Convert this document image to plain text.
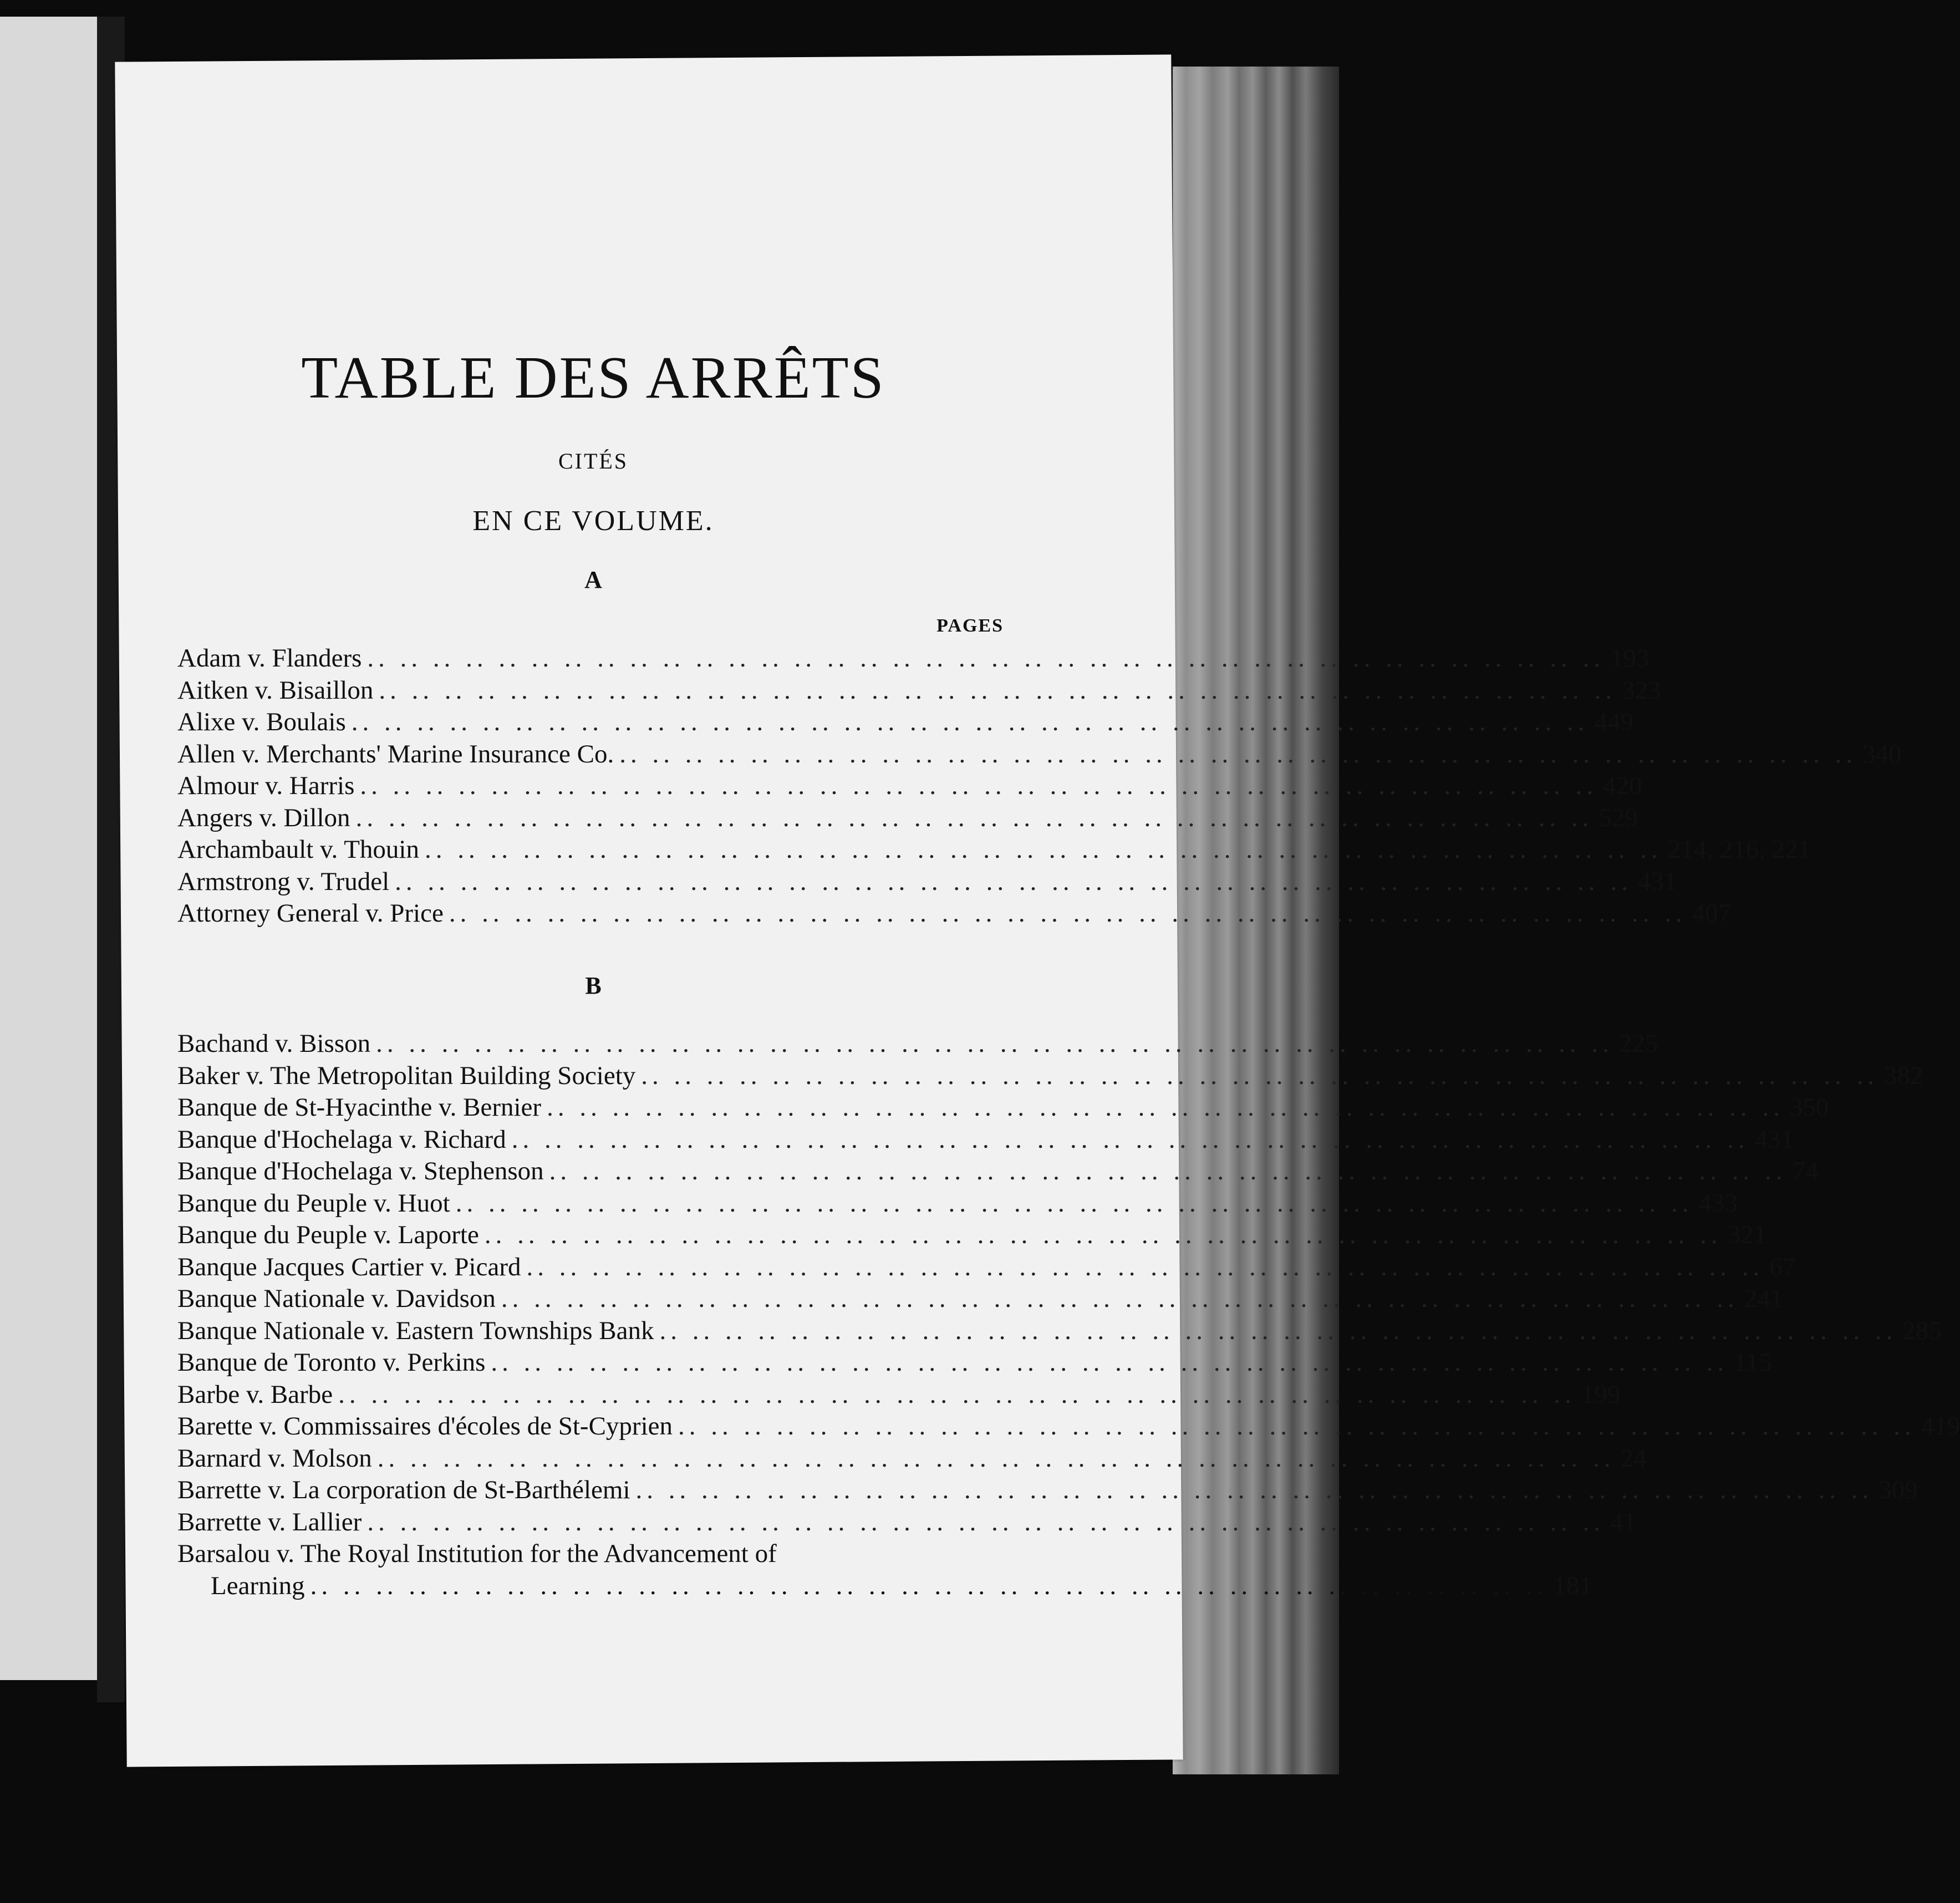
TABLE DES ARRÊTS
CITÉS
EN CE VOLUME.
A
PAGES
Adam v. Flanders .. .. .. .. .. .. .. .. .. .. .. .. .. .. .. .. .. .. .. .. .. .. .. .. .. .. .. .. .. .. .. .. .. .. .. .. .. .. 193
Aitken v. Bisaillon .. .. .. .. .. .. .. .. .. .. .. .. .. .. .. .. .. .. .. .. .. .. .. .. .. .. .. .. .. .. .. .. .. .. .. .. .. .. 323
Alixe v. Boulais .. .. .. .. .. .. .. .. .. .. .. .. .. .. .. .. .. .. .. .. .. .. .. .. .. .. .. .. .. .. .. .. .. .. .. .. .. .. 449
Allen v. Merchants' Marine Insurance Co. .. .. .. .. .. .. .. .. .. .. .. .. .. .. .. .. .. .. .. .. .. .. .. .. .. .. .. .. .. .. .. .. .. .. .. .. .. .. 340
Almour v. Harris .. .. .. .. .. .. .. .. .. .. .. .. .. .. .. .. .. .. .. .. .. .. .. .. .. .. .. .. .. .. .. .. .. .. .. .. .. .. 420
Angers v. Dillon .. .. .. .. .. .. .. .. .. .. .. .. .. .. .. .. .. .. .. .. .. .. .. .. .. .. .. .. .. .. .. .. .. .. .. .. .. .. 529
Archambault v. Thouin .. .. .. .. .. .. .. .. .. .. .. .. .. .. .. .. .. .. .. .. .. .. .. .. .. .. .. .. .. .. .. .. .. .. .. .. .. .. 214, 216, 221
Armstrong v. Trudel .. .. .. .. .. .. .. .. .. .. .. .. .. .. .. .. .. .. .. .. .. .. .. .. .. .. .. .. .. .. .. .. .. .. .. .. .. .. 431
Attorney General v. Price .. .. .. .. .. .. .. .. .. .. .. .. .. .. .. .. .. .. .. .. .. .. .. .. .. .. .. .. .. .. .. .. .. .. .. .. .. .. 407
B
Bachand v. Bisson .. .. .. .. .. .. .. .. .. .. .. .. .. .. .. .. .. .. .. .. .. .. .. .. .. .. .. .. .. .. .. .. .. .. .. .. .. .. 225
Baker v. The Metropolitan Building Society .. .. .. .. .. .. .. .. .. .. .. .. .. .. .. .. .. .. .. .. .. .. .. .. .. .. .. .. .. .. .. .. .. .. .. .. .. .. 382
Banque de St-Hyacinthe v. Bernier .. .. .. .. .. .. .. .. .. .. .. .. .. .. .. .. .. .. .. .. .. .. .. .. .. .. .. .. .. .. .. .. .. .. .. .. .. .. 350
Banque d'Hochelaga v. Richard .. .. .. .. .. .. .. .. .. .. .. .. .. .. .. .. .. .. .. .. .. .. .. .. .. .. .. .. .. .. .. .. .. .. .. .. .. .. 431
Banque d'Hochelaga v. Stephenson .. .. .. .. .. .. .. .. .. .. .. .. .. .. .. .. .. .. .. .. .. .. .. .. .. .. .. .. .. .. .. .. .. .. .. .. .. .. 74
Banque du Peuple v. Huot .. .. .. .. .. .. .. .. .. .. .. .. .. .. .. .. .. .. .. .. .. .. .. .. .. .. .. .. .. .. .. .. .. .. .. .. .. .. 433
Banque du Peuple v. Laporte .. .. .. .. .. .. .. .. .. .. .. .. .. .. .. .. .. .. .. .. .. .. .. .. .. .. .. .. .. .. .. .. .. .. .. .. .. .. 321
Banque Jacques Cartier v. Picard .. .. .. .. .. .. .. .. .. .. .. .. .. .. .. .. .. .. .. .. .. .. .. .. .. .. .. .. .. .. .. .. .. .. .. .. .. .. 67
Banque Nationale v. Davidson .. .. .. .. .. .. .. .. .. .. .. .. .. .. .. .. .. .. .. .. .. .. .. .. .. .. .. .. .. .. .. .. .. .. .. .. .. .. 241
Banque Nationale v. Eastern Townships Bank .. .. .. .. .. .. .. .. .. .. .. .. .. .. .. .. .. .. .. .. .. .. .. .. .. .. .. .. .. .. .. .. .. .. .. .. .. .. 285
Banque de Toronto v. Perkins .. .. .. .. .. .. .. .. .. .. .. .. .. .. .. .. .. .. .. .. .. .. .. .. .. .. .. .. .. .. .. .. .. .. .. .. .. .. 115
Barbe v. Barbe .. .. .. .. .. .. .. .. .. .. .. .. .. .. .. .. .. .. .. .. .. .. .. .. .. .. .. .. .. .. .. .. .. .. .. .. .. .. 199
Barette v. Commissaires d'écoles de St-Cyprien .. .. .. .. .. .. .. .. .. .. .. .. .. .. .. .. .. .. .. .. .. .. .. .. .. .. .. .. .. .. .. .. .. .. .. .. .. .. 419
Barnard v. Molson .. .. .. .. .. .. .. .. .. .. .. .. .. .. .. .. .. .. .. .. .. .. .. .. .. .. .. .. .. .. .. .. .. .. .. .. .. .. 24
Barrette v. La corporation de St-Barthélemi .. .. .. .. .. .. .. .. .. .. .. .. .. .. .. .. .. .. .. .. .. .. .. .. .. .. .. .. .. .. .. .. .. .. .. .. .. .. 309
Barrette v. Lallier .. .. .. .. .. .. .. .. .. .. .. .. .. .. .. .. .. .. .. .. .. .. .. .. .. .. .. .. .. .. .. .. .. .. .. .. .. .. 41
Barsalou v. The Royal Institution for the Advancement of
Learning .. .. .. .. .. .. .. .. .. .. .. .. .. .. .. .. .. .. .. .. .. .. .. .. .. .. .. .. .. .. .. .. .. .. .. .. .. .. 181
